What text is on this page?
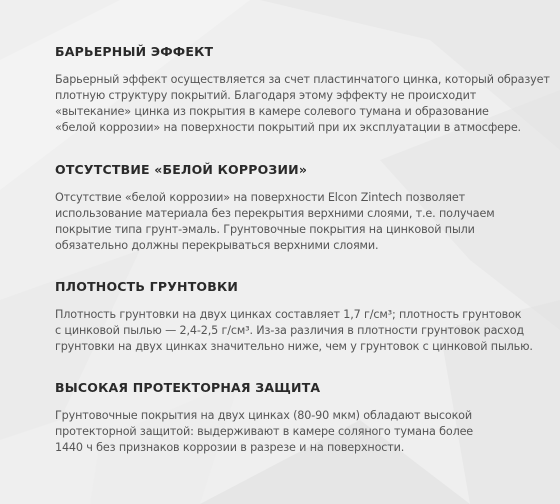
БАРЬЕРНЫЙ ЭФФЕКТ

Барьерный эффект осуществляется за счет пластинчатого цинка, который образует
плотную структуру покрытий. Благодаря этому эффекту не происходит
«вытекание» цинка из покрытия в камере солевого тумана и образование
«белой коррозии» на поверхности покрытий при их эксплуатации в атмосфере.

ОТСУТСТВИЕ «БЕЛОЙ КОРРОЗИИ»

Отсутствие «белой коррозии» на поверхности Elcon Zintech позволяет
использование материала без перекрытия верхними слоями, т.е. получаем
покрытие типа грунт-эмаль. Грунтовочные покрытия на цинковой пыли
обязательно должны перекрываться верхними слоями.

ПЛОТНОСТЬ ГРУНТОВКИ

Плотность грунтовки на двух цинках составляет 1,7 г/см³; плотность грунтовок
с цинковой пылью — 2,4-2,5 г/см³. Из-за различия в плотности грунтовок расход
грунтовки на двух цинках значительно ниже, чем у грунтовок с цинковой пылью.

ВЫСОКАЯ ПРОТЕКТОРНАЯ ЗАЩИТА

Грунтовочные покрытия на двух цинках (80-90 мкм) обладают высокой
протекторной защитой: выдерживают в камере соляного тумана более
1440 ч без признаков коррозии в разрезе и на поверхности.
